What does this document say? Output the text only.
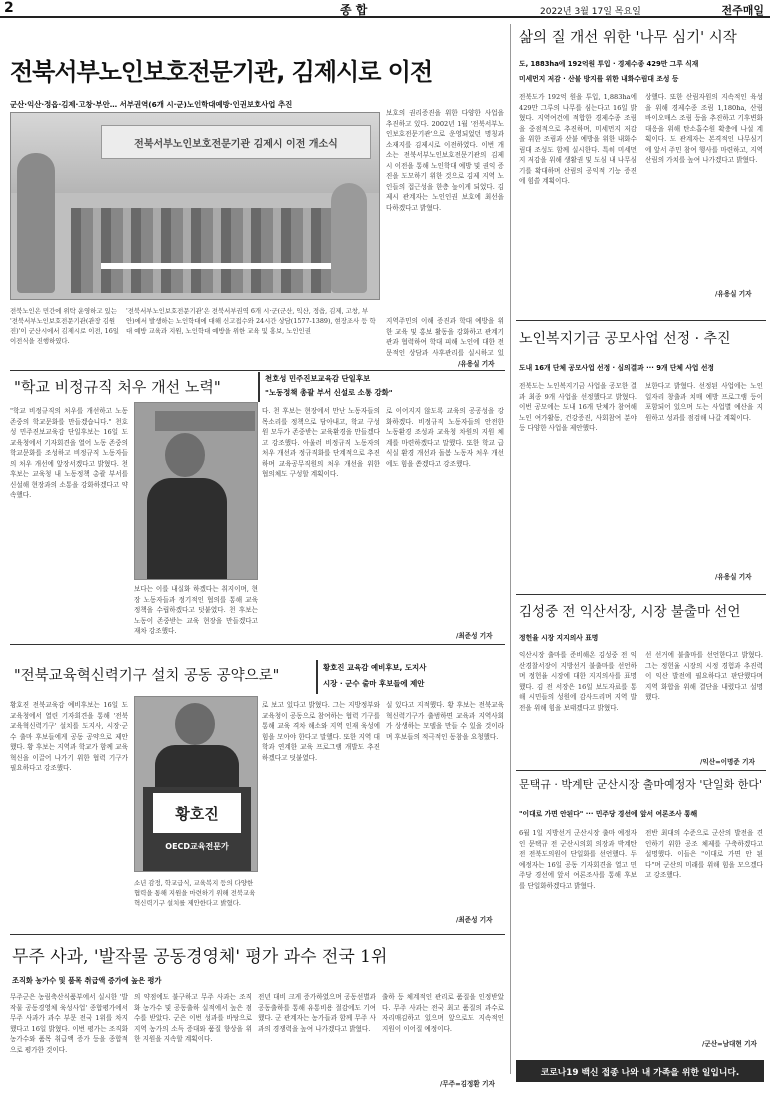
2	종 합	2022년 3월 17일 목요일	전주매일
전북서부노인보호전문기관, 김제시로 이전
군산·익산·정읍·김제·고창·부안… 서부권역(6개 시·군)노인학대예방·인권보호사업 추진
전북서부노인보호전문기관 김제시 이전 개소식
보호의 권리증진을 위한 다양한 사업을 추진하고 있다. 2002년 1월 '전북서부노인보호전문기관'으로 운영되었던 명칭과 소재지를 김제시로 이전하였다. 이번 개소는 전북서부노인보호전문기관의 김제시 이전을 통해 노인학대 예방 및 권익 증진을 도모하기 위한 것으로 김제 지역 노인들의 접근성을 한층 높이게 되었다. 김제시 관계자는 노인인권 보호에 최선을 다하겠다고 밝혔다.
전북노인은 민간에 위탁 운영하고 있는 '전북서부노인보호전문기관(관장 김원진)'이 군산시에서 김제시로 이전, 16일 이전식을 진행하였다.
'전북서부노인보호전문기관'은 전북서부권역 6개 시·군(군산, 익산, 정읍, 김제, 고창, 부안)에서 발생하는 노인학대에 대해 신고접수와 24시간 상담(1577-1389), 현장조사 등 학대 예방 교육과 지원, 노인학대 예방을 위한 교육 및 홍보, 노인인권
지역주민의 이해 증진과 학대 예방을 위한 교육 및 홍보 활동을 강화하고 관계기관과 협력하여 학대 피해 노인에 대한 전문적인 상담과 사후관리를 실시하고 있
/유용실 기자
삶의 질 개선 위한 '나무 심기' 시작
도, 1883ha에 192억원 투입 · 경제수종 429만 그루 식재
미세먼지 저감 · 산불 방지를 위한 내화수림대 조성 등
전북도가 192억 원을 투입, 1,883ha에 429만 그루의 나무를 심는다고 16일 밝혔다. 지역여건에 적합한 경제수종 조림을 중점적으로 추진하며, 미세먼지 저감을 위한 조림과 산불 예방을 위한 내화수림대 조성도 함께 실시한다. 특히 미세먼지 저감을 위해 생활권 및 도심 내 나무심기를 확대하며 산림의 공익적 기능 증진에 힘쓸 계획이다.
상했다. 또한 산림자원의 지속적인 육성을 위해 경제수종 조림 1,180ha, 산림 바이오매스 조림 등을 추진하고 기후변화 대응을 위해 탄소흡수원 확충에 나설 계획이다. 도 관계자는 본격적인 나무심기에 앞서 주민 참여 행사를 마련하고, 지역 산림의 가치를 높여 나가겠다고 밝혔다.
/유용실 기자
노인복지기금 공모사업 선정 · 추진
도내 16개 단체 공모사업 선정 · 심의결과 ··· 9개 단체 사업 선정
전북도는 노인복지기금 사업을 공모한 결과 최종 9개 사업을 선정했다고 밝혔다. 이번 공모에는 도내 16개 단체가 참여해 노인 여가활동, 건강증진, 사회참여 분야 등 다양한 사업을 제안했다.
보한다고 밝혔다. 선정된 사업에는 노인 일자리 창출과 치매 예방 프로그램 등이 포함되어 있으며 도는 사업별 예산을 지원하고 성과를 점검해 나갈 계획이다.
/유용실 기자
"학교 비정규직 처우 개선 노력"	천호성 민주진보교육감 단일후보
"노동정책 총괄 부서 신설로 소통 강화"
"학교 비정규직의 처우를 개선하고 노동 존중의 학교문화를 만들겠습니다." 천호성 민주진보교육감 단일후보는 16일 도교육청에서 기자회견을 열어 노동 존중의 학교문화를 조성하고 비정규직 노동자들의 처우 개선에 앞장서겠다고 밝혔다. 천 후보는 교육청 내 노동정책 총괄 부서를 신설해 현장과의 소통을 강화하겠다고 약속했다.
다. 천 후보는 현장에서 만난 노동자들의 목소리를 정책으로 담아내고, 학교 구성원 모두가 존중받는 교육환경을 만들겠다고 강조했다. 아울러 비정규직 노동자의 처우 개선과 정규직화를 단계적으로 추진하며 교육공무직원의 처우 개선을 위한 협의체도 구성할 계획이다.
로 이어지지 않도록 교육의 공공성을 강화하겠다. 비정규직 노동자들의 안전한 노동환경 조성과 교육청 차원의 지원 체계를 마련하겠다고 말했다. 또한 학교 급식실 환경 개선과 돌봄 노동자 처우 개선에도 힘을 쏟겠다고 강조했다.
보다는 이를 내실화 하겠다는 취지이며, 현장 노동자들과 정기적인 협의를 통해 교육정책을 수립하겠다고 덧붙였다. 천 후보는 노동이 존중받는 교육 현장을 만들겠다고 재차 강조했다.
/최준성 기자
김성중 전 익산서장, 시장 불출마 선언
정헌율 시장 지지의사 표명
익산시장 출마를 준비해온 김성중 전 익산경찰서장이 지방선거 불출마를 선언하며 정헌율 시장에 대한 지지의사를 표명했다. 김 전 서장은 16일 보도자료를 통해 시민들의 성원에 감사드리며 지역 발전을 위해 힘을 보태겠다고 밝혔다.
선 선거에 불출마를 선언한다고 밝혔다. 그는 정헌율 시장의 시정 경험과 추진력이 익산 발전에 필요하다고 판단했다며 지역 화합을 위해 결단을 내렸다고 설명했다.
/익산=이명준 기자
"전북교육혁신력기구 설치 공동 공약으로"
황호진 교육감 예비후보, 도지사
시장 · 군수 출마 후보들에 제안
황호진 전북교육감 예비후보는 16일 도교육청에서 열린 기자회견을 통해 '전북교육혁신력기구' 설치를 도지사, 시장·군수 출마 후보들에게 공동 공약으로 제안했다. 황 후보는 지역과 학교가 함께 교육혁신을 이끌어 나가기 위한 협력 기구가 필요하다고 강조했다.
황호진
OECD교육전문가
로 보고 있다고 밝혔다. 그는 지방정부와 교육청이 공동으로 참여하는 협력 기구를 통해 교육 격차 해소와 지역 인재 육성에 힘을 모아야 한다고 말했다. 또한 지역 대학과 연계한 교육 프로그램 개발도 추진하겠다고 덧붙였다.
실 있다고 지적했다. 황 후보는 전북교육혁신력기구가 출범하면 교육과 지역사회가 상생하는 모델을 만들 수 있을 것이라며 후보들의 적극적인 동참을 요청했다.
소년 감정, 학교급식, 교육복지 등의 다양한 협력을 통해 지원을 마련하기 위해 전북교육혁신력기구 설치를 제안한다고 밝혔다.
/최준성 기자
문택규 · 박계탄 군산시장 출마예정자 '단일화 한다'
"이대로 가면 안된다" ··· 민주당 경선에 앞서 여론조사 통해
6월 1일 지방선거 군산시장 출마 예정자인 문택규 전 군산시의회 의장과 박계탄 전 전북도의원이 단일화를 선언했다. 두 예정자는 16일 공동 기자회견을 열고 민주당 경선에 앞서 여론조사를 통해 후보를 단일화하겠다고 밝혔다.
전반 최대의 수준으로 군산의 발전을 견인하기 위한 공조 체제를 구축하겠다고 설명했다. 이들은 "이대로 가면 안 된다"며 군산의 미래를 위해 힘을 모으겠다고 강조했다.
/군산=남대현 기자
무주 사과, '발작물 공동경영체' 평가 과수 전국 1위
조직화 농가수 및 품목 취급액 증가에 높은 평가
무주군은 농림축산식품부에서 실시한 '발작물 공동경영체 육성사업' 종합평가에서 무주 사과가 과수 부문 전국 1위를 차지했다고 16일 밝혔다. 이번 평가는 조직화 농가수와 품목 취급액 증가 등을 종합적으로 평가한 것이다.
의 약점에도 불구하고 무주 사과는 조직화 농가수 및 공동출하 실적에서 높은 점수를 받았다. 군은 이번 성과를 바탕으로 지역 농가의 소득 증대와 품질 향상을 위한 지원을 지속할 계획이다.
전년 대비 크게 증가하였으며 공동선별과 공동출하를 통해 유통비용 절감에도 기여했다. 군 관계자는 농가들과 함께 무주 사과의 경쟁력을 높여 나가겠다고 밝혔다.
출하 등 체계적인 관리로 품질을 인정받았다. 무주 사과는 전국 최고 품질의 과수로 자리매김하고 있으며 앞으로도 지속적인 지원이 이어질 예정이다.
/무주=김정환 기자
코로나19 백신 접종 나와 내 가족을 위한 일입니다.
